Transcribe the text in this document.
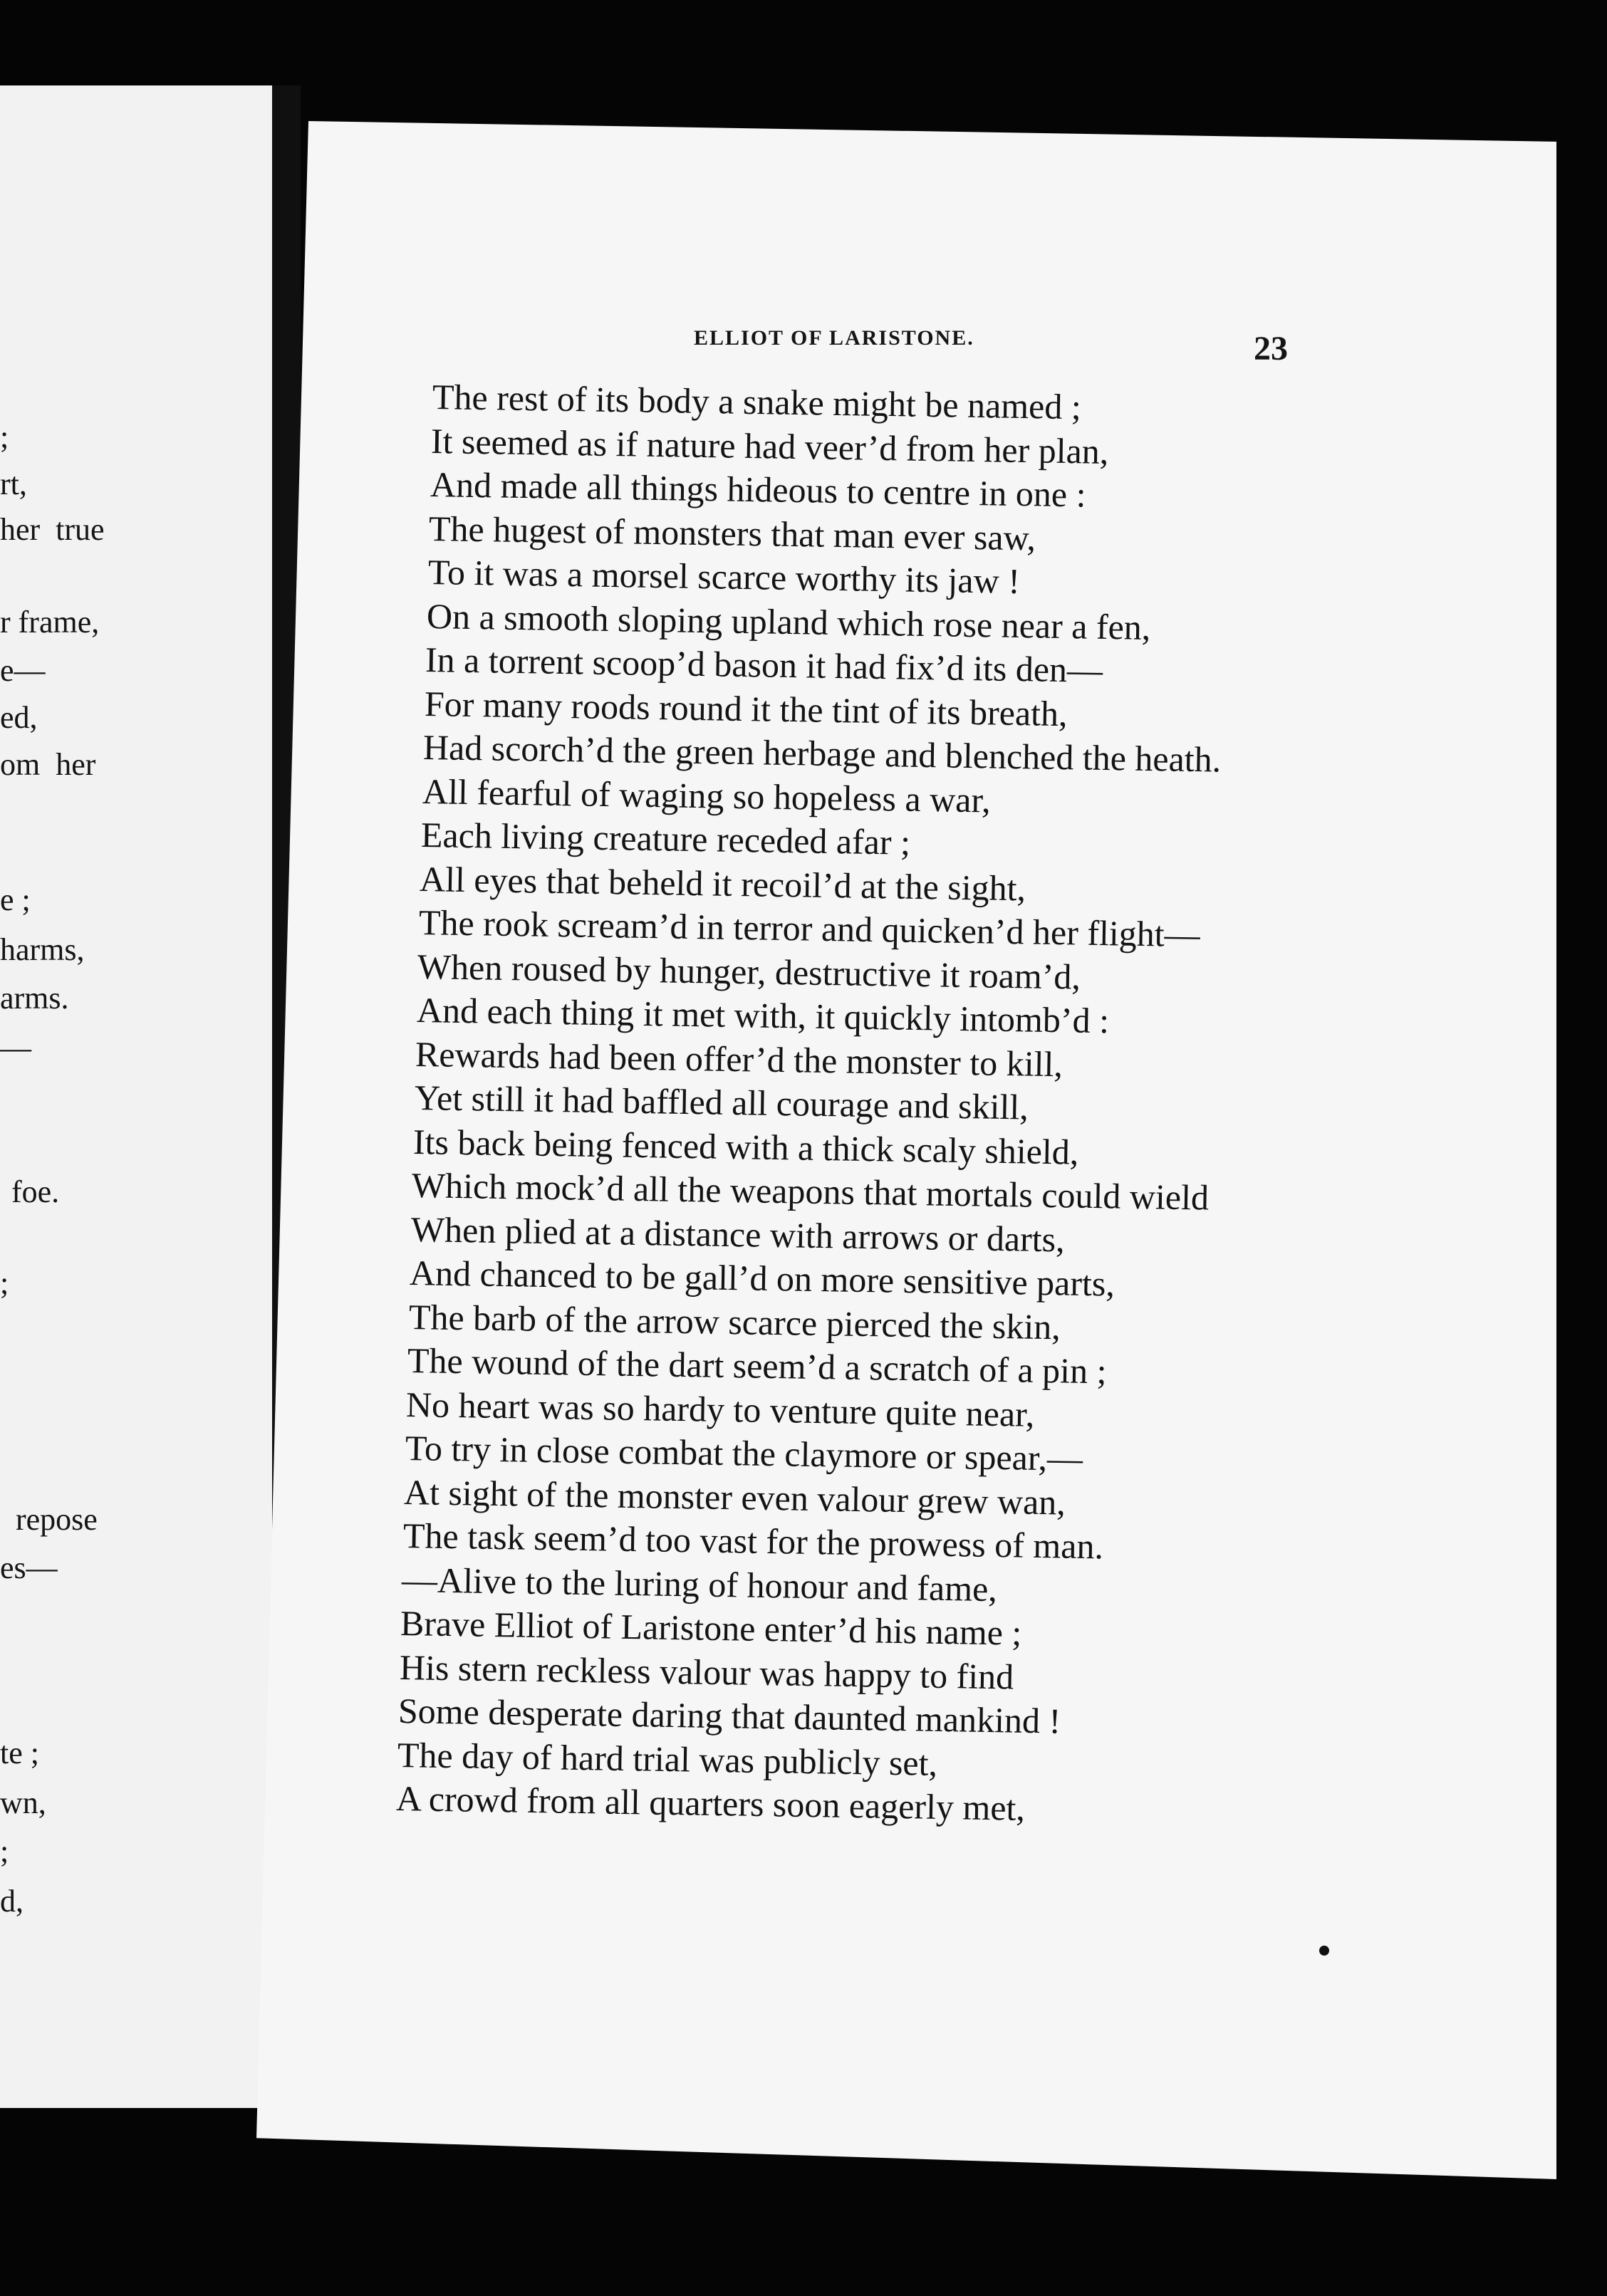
ELLIOT OF LARISTONE.	23
The rest of its body a snake might be named ;
It seemed as if nature had veer’d from her plan,
And made all things hideous to centre in one :
The hugest of monsters that man ever saw,
To it was a morsel scarce worthy its jaw !
On a smooth sloping upland which rose near a fen,
In a torrent scoop’d bason it had fix’d its den—
For many roods round it the tint of its breath,
Had scorch’d the green herbage and blenched the heath.
All fearful of waging so hopeless a war,
Each living creature receded afar ;
All eyes that beheld it recoil’d at the sight,
The rook scream’d in terror and quicken’d her flight—
When roused by hunger, destructive it roam’d,
And each thing it met with, it quickly intomb’d :
Rewards had been offer’d the monster to kill,
Yet still it had baffled all courage and skill,
Its back being fenced with a thick scaly shield,
Which mock’d all the weapons that mortals could wield
When plied at a distance with arrows or darts,
And chanced to be gall’d on more sensitive parts,
The barb of the arrow scarce pierced the skin,
The wound of the dart seem’d a scratch of a pin ;
No heart was so hardy to venture quite near,
To try in close combat the claymore or spear,—
At sight of the monster even valour grew wan,
The task seem’d too vast for the prowess of man.
—Alive to the luring of honour and fame,
Brave Elliot of Laristone enter’d his name ;
His stern reckless valour was happy to find
Some desperate daring that daunted mankind !
The day of hard trial was publicly set,
A crowd from all quarters soon eagerly met,
;
rt,
her  true
r frame,
e—
ed,
om  her
e ;
harms,
arms.
—
foe.
;
repose
es—
te ;
wn,
;
d,
